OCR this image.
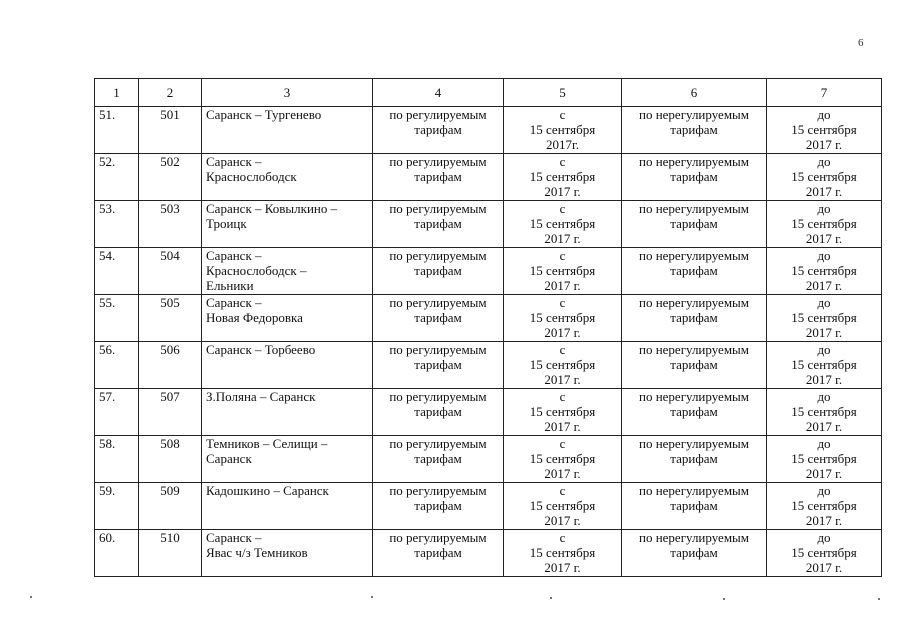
6
1	2	3	4	5	6	7
51.	501	Саранск – Тургенево	по регулируемым
тарифам	с
15 сентября
2017г.	по нерегулируемым
тарифам	до
15 сентября
2017 г.

52.	502	Саранск –
Краснослободск	по регулируемым
тарифам	с
15 сентября
2017 г.	по нерегулируемым
тарифам	до
15 сентября
2017 г.

53.	503	Саранск – Ковылкино –
Троицк	по регулируемым
тарифам	с
15 сентября
2017 г.	по нерегулируемым
тарифам	до
15 сентября
2017 г.

54.	504	Саранск –
Краснослободск –
Ельники	по регулируемым
тарифам	с
15 сентября
2017 г.	по нерегулируемым
тарифам	до
15 сентября
2017 г.

55.	505	Саранск –
Новая Федоровка	по регулируемым
тарифам	с
15 сентября
2017 г.	по нерегулируемым
тарифам	до
15 сентября
2017 г.

56.	506	Саранск – Торбеево	по регулируемым
тарифам	с
15 сентября
2017 г.	по нерегулируемым
тарифам	до
15 сентября
2017 г.

57.	507	З.Поляна – Саранск	по регулируемым
тарифам	с
15 сентября
2017 г.	по нерегулируемым
тарифам	до
15 сентября
2017 г.

58.	508	Темников – Селищи –
Саранск	по регулируемым
тарифам	с
15 сентября
2017 г.	по нерегулируемым
тарифам	до
15 сентября
2017 г.

59.	509	Кадошкино – Саранск	по регулируемым
тарифам	с
15 сентября
2017 г.	по нерегулируемым
тарифам	до
15 сентября
2017 г.

60.	510	Саранск –
Явас ч/з Темников	по регулируемым
тарифам	с
15 сентября
2017 г.	по нерегулируемым
тарифам	до
15 сентября
2017 г.
